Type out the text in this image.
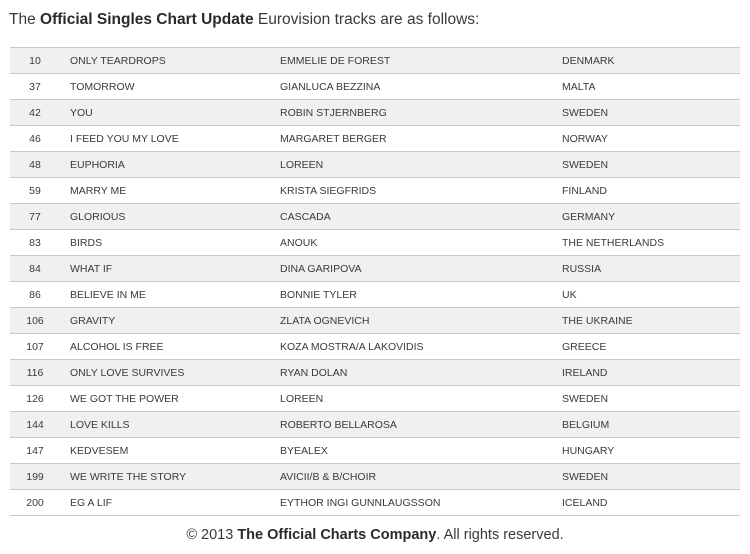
The Official Singles Chart Update Eurovision tracks are as follows:
10	ONLY TEARDROPS	EMMELIE DE FOREST	DENMARK
37	TOMORROW	GIANLUCA BEZZINA	MALTA
42	YOU	ROBIN STJERNBERG	SWEDEN
46	I FEED YOU MY LOVE	MARGARET BERGER	NORWAY
48	EUPHORIA	LOREEN	SWEDEN
59	MARRY ME	KRISTA SIEGFRIDS	FINLAND
77	GLORIOUS	CASCADA	GERMANY
83	BIRDS	ANOUK	THE NETHERLANDS
84	WHAT IF	DINA GARIPOVA	RUSSIA
86	BELIEVE IN ME	BONNIE TYLER	UK
106	GRAVITY	ZLATA OGNEVICH	THE UKRAINE
107	ALCOHOL IS FREE	KOZA MOSTRA/A LAKOVIDIS	GREECE
116	ONLY LOVE SURVIVES	RYAN DOLAN	IRELAND
126	WE GOT THE POWER	LOREEN	SWEDEN
144	LOVE KILLS	ROBERTO BELLAROSA	BELGIUM
147	KEDVESEM	BYEALEX	HUNGARY
199	WE WRITE THE STORY	AVICII/B & B/CHOIR	SWEDEN
200	EG A LIF	EYTHOR INGI GUNNLAUGSSON	ICELAND
© 2013 The Official Charts Company. All rights reserved.
